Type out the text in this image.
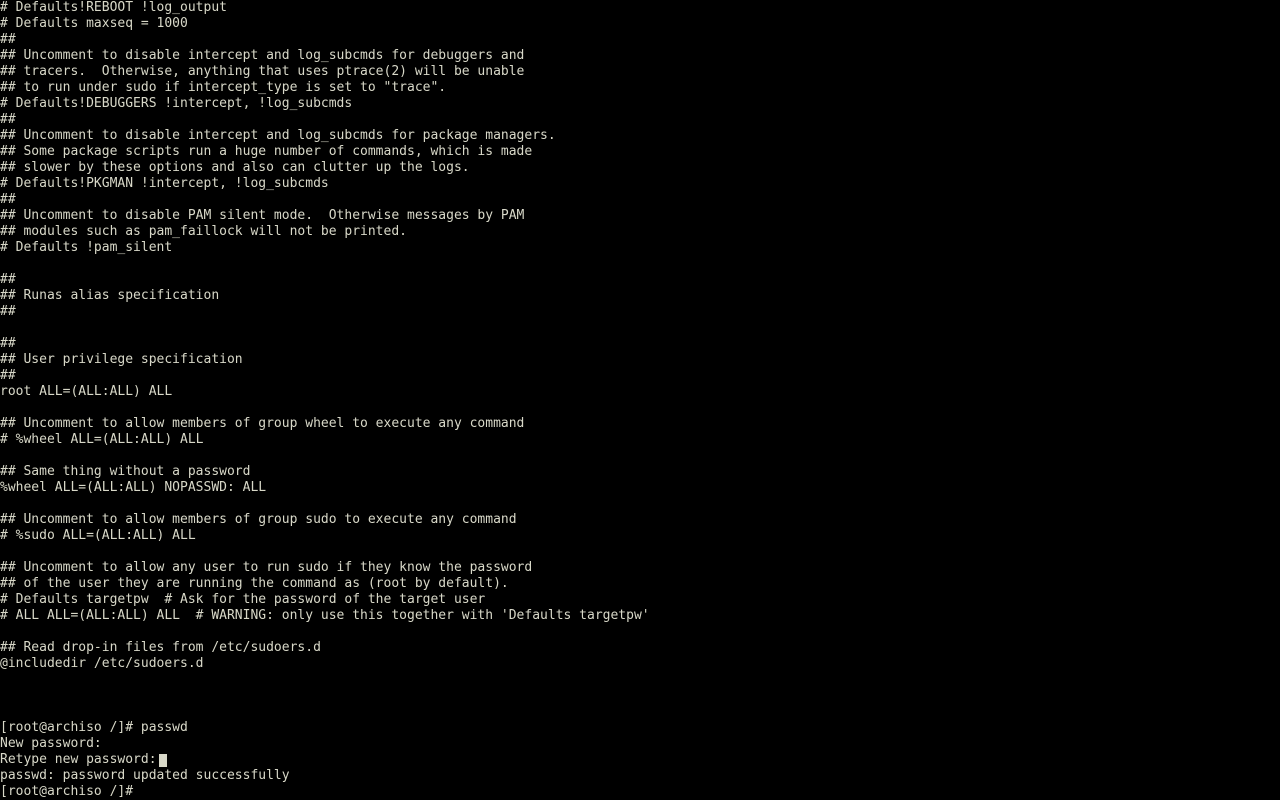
# Defaults!REBOOT !log_output
# Defaults maxseq = 1000
##
## Uncomment to disable intercept and log_subcmds for debuggers and
## tracers.  Otherwise, anything that uses ptrace(2) will be unable
## to run under sudo if intercept_type is set to "trace".
# Defaults!DEBUGGERS !intercept, !log_subcmds
##
## Uncomment to disable intercept and log_subcmds for package managers.
## Some package scripts run a huge number of commands, which is made
## slower by these options and also can clutter up the logs.
# Defaults!PKGMAN !intercept, !log_subcmds
##
## Uncomment to disable PAM silent mode.  Otherwise messages by PAM
## modules such as pam_faillock will not be printed.
# Defaults !pam_silent
##
## Runas alias specification
##
##
## User privilege specification
##
root ALL=(ALL:ALL) ALL
## Uncomment to allow members of group wheel to execute any command
# %wheel ALL=(ALL:ALL) ALL
## Same thing without a password
%wheel ALL=(ALL:ALL) NOPASSWD: ALL
## Uncomment to allow members of group sudo to execute any command
# %sudo ALL=(ALL:ALL) ALL
## Uncomment to allow any user to run sudo if they know the password
## of the user they are running the command as (root by default).
# Defaults targetpw  # Ask for the password of the target user
# ALL ALL=(ALL:ALL) ALL  # WARNING: only use this together with 'Defaults targetpw'
## Read drop-in files from /etc/sudoers.d
@includedir /etc/sudoers.d
[root@archiso /]# passwd
New password:
Retype new password:
passwd: password updated successfully
[root@archiso /]#
